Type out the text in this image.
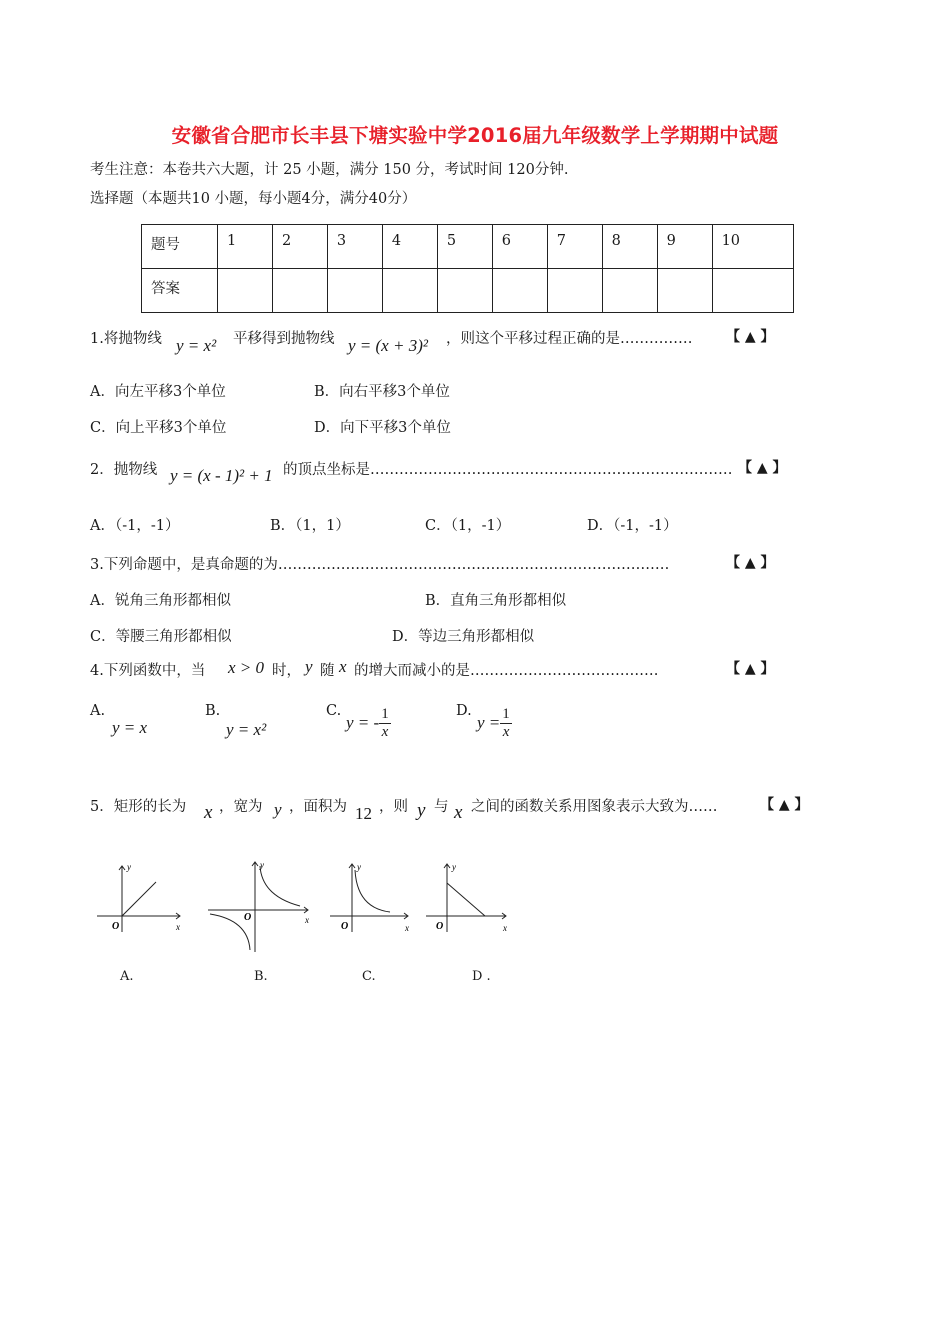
安徽省合肥市长丰县下塘实验中学2016届九年级数学上学期期中试题
考生注意：本卷共六大题，计 25 小题，满分 150 分，考试时间 120分钟.
选择题（本题共10 小题，每小题4分，满分40分）
题号	1	2	3	4	5	6	7	8	9	10
答案										
1.将抛物线 y = x² 平移得到抛物线 y = (x + 3)² ，则这个平移过程正确的是…………… 【 ▲ 】
A．向左平移3个单位	B．向右平移3个单位
C．向上平移3个单位	D．向下平移3个单位
2．抛物线 y = (x - 1)² + 1 的顶点坐标是………………………………………………………………… 【 ▲ 】
A．（-1，-1）	B．（1，1）	C．（1，-1）	D．（-1，-1）
3.下列命题中，是真命题的为………………………………………………………………………	【 ▲ 】
A．锐角三角形都相似	B．直角三角形都相似
C．等腰三角形都相似	D．等边三角形都相似
4.下列函数中，当 x > 0 时， y 随 x 的增大而减小的是…………………………………	【 ▲ 】
A.
y = x
B.
y = x²
C.
y = - $\frac{1}{x}$	D.
$y = \frac{1}{x}$
5．矩形的长为 x ，宽为 y ，面积为 12 ，则 y 与 x 之间的函数关系用图象表示大致为……	【 ▲ 】
y
x
O
y
x
O
y
x
O
y
x
O
A.	B.	C.	D .
